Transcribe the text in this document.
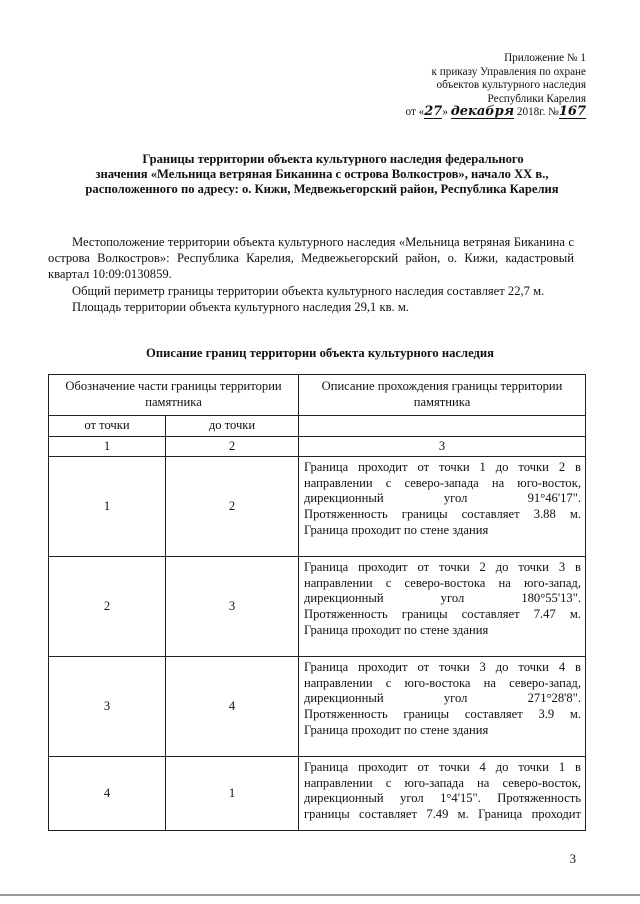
Приложение № 1
к приказу Управления по охране
объектов культурного наследия
Республики Карелия
от «27» декабря 2018г. №167
Границы территории объекта культурного наследия федерального
значения «Мельница ветряная Биканина с острова Волкостров», начало XX в.,
расположенного по адресу: о. Кижи, Медвежьегорский район, Республика Карелия

Местоположение территории объекта культурного наследия «Мельница ветряная Биканина с острова Волкостров»: Республика Карелия, Медвежьегорский район, о. Кижи, кадастровый квартал 10:09:0130859.

Общий периметр границы территории объекта культурного наследия составляет 22,7 м.

Площадь территории объекта культурного наследия 29,1 кв. м.

Описание границ территории объекта культурного наследия
Обозначение части границы территории памятника		Описание прохождения границы территории памятника
от точки	до точки	
1	2	3
1	2	Граница проходит от точки 1 до точки 2 в
направлении с северо-запада на юго-восток,
дирекционный угол 91°46'17".
Протяженность границы составляет 3.88 м.
Граница проходит по стене здания

2	3	Граница проходит от точки 2 до точки 3 в
направлении с северо-востока на юго-запад,
дирекционный угол 180°55'13".
Протяженность границы составляет 7.47 м.
Граница проходит по стене здания

3	4	Граница проходит от точки 3 до точки 4 в
направлении с юго-востока на северо-запад,
дирекционный угол 271°28'8".
Протяженность границы составляет 3.9 м.
Граница проходит по стене здания

4	1	Граница проходит от точки 4 до точки 1 в
направлении с юго-запада на северо-восток,
дирекционный угол 1°4'15". Протяженность
границы составляет 7.49 м. Граница проходит
3
